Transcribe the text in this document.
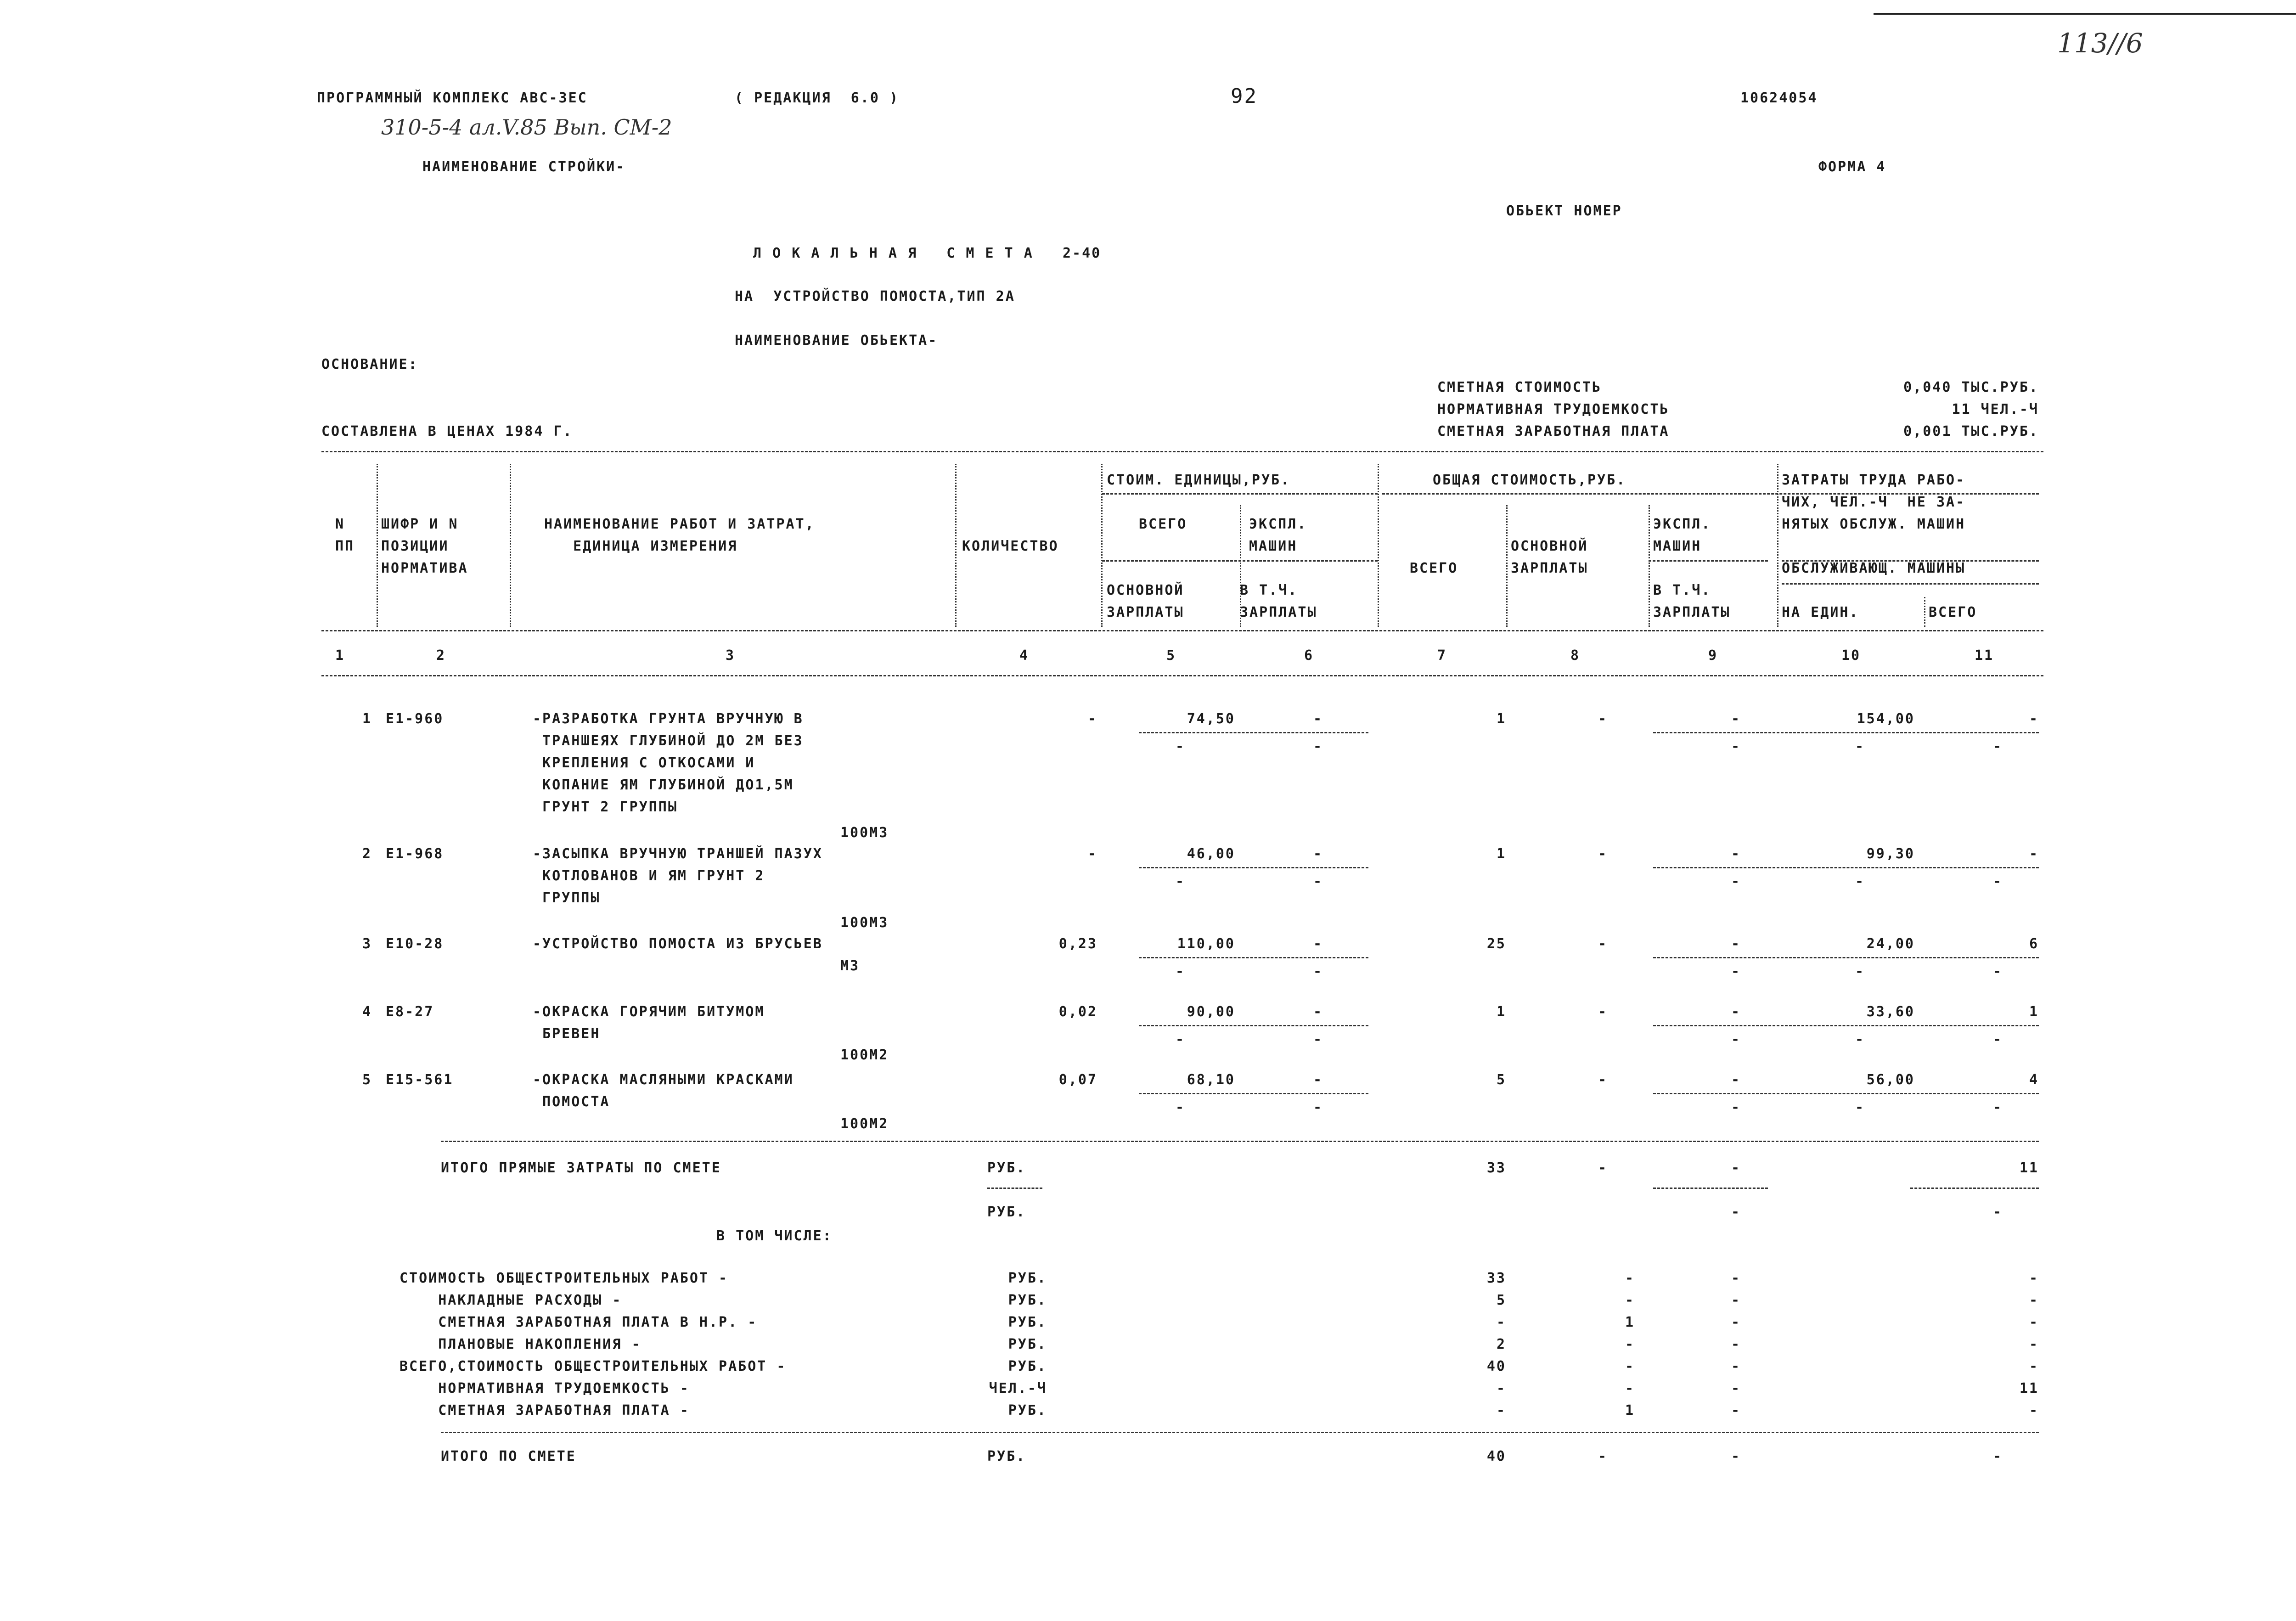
113//6
ПРОГРАММНЫЙ КОМПЛЕКС АВС-3ЕС	( РЕДАКЦИЯ  6.0 )	92	10624054
310-5-4 ал.V.85 Вып. СМ-2
НАИМЕНОВАНИЕ СТРОЙКИ-	ФОРМА 4
ОБЬЕКТ НОМЕР
Л О К А Л Ь Н А Я   С М Е Т А   2-40
НА  УСТРОЙСТВО ПОМОСТА,ТИП 2А
НАИМЕНОВАНИЕ ОБЬЕКТА-
ОСНОВАНИЕ:
СМЕТНАЯ СТОИМОСТЬ	0,040 ТЫС.РУБ.
НОРМАТИВНАЯ ТРУДОЕМКОСТЬ	11 ЧЕЛ.-Ч
СОСТАВЛЕНА В ЦЕНАХ 1984 Г.	СМЕТНАЯ ЗАРАБОТНАЯ ПЛАТА	0,001 ТЫС.РУБ.
N
ПП
ШИФР И N
ПОЗИЦИИ
НОРМАТИВА
НАИМЕНОВАНИЕ РАБОТ И ЗАТРАТ,
ЕДИНИЦА ИЗМЕРЕНИЯ	КОЛИЧЕСТВО
СТОИМ. ЕДИНИЦЫ,РУБ.
ВСЕГО	ЭКСПЛ.
МАШИН
ОСНОВНОЙ
ЗАРПЛАТЫ
В Т.Ч.
ЗАРПЛАТЫ
ОБЩАЯ СТОИМОСТЬ,РУБ.
ВСЕГО
ОСНОВНОЙ
ЗАРПЛАТЫ
ЭКСПЛ.
МАШИН
В Т.Ч.
ЗАРПЛАТЫ
ЗАТРАТЫ ТРУДА РАБО-
ЧИХ, ЧЕЛ.-Ч  НЕ ЗА-
НЯТЫХ ОБСЛУЖ. МАШИН
ОБСЛУЖИВАЮЩ. МАШИНЫ
НА ЕДИН.	ВСЕГО
1	2	3	4	5	6	7	8	9	10	11
1 Е1-960	-РАЗРАБОТКА ГРУНТА ВРУЧНУЮ В
ТРАНШЕЯХ ГЛУБИНОЙ ДО 2М БЕЗ
КРЕПЛЕНИЯ С ОТКОСАМИ И
КОПАНИЕ ЯМ ГЛУБИНОЙ ДО1,5М
ГРУНТ 2 ГРУППЫ
100М3
-	74,50	-	1	-	-	154,00	-
-	-	-	-	-
2 Е1-968	-ЗАСЫПКА ВРУЧНУЮ ТРАНШЕЙ ПАЗУХ
КОТЛОВАНОВ И ЯМ ГРУНТ 2
ГРУППЫ
100М3
-	46,00	-	1	-	-	99,30	-
-	-	-	-	-
3 Е10-28	-УСТРОЙСТВО ПОМОСТА ИЗ БРУСЬЕВ
М3
0,23	110,00	-	25	-	-	24,00	6
-	-	-	-	-
4 Е8-27	-ОКРАСКА ГОРЯЧИМ БИТУМОМ
БРЕВЕН
100М2
0,02	90,00	-	1	-	-	33,60	1
-	-	-	-	-
5 Е15-561	-ОКРАСКА МАСЛЯНЫМИ КРАСКАМИ
ПОМОСТА
100М2
0,07	68,10	-	5	-	-	56,00	4
-	-	-	-	-
ИТОГО ПРЯМЫЕ ЗАТРАТЫ ПО СМЕТЕ	РУБ.	33	-	-	11
РУБ.	-	-
В ТОМ ЧИСЛЕ:
СТОИМОСТЬ ОБЩЕСТРОИТЕЛЬНЫХ РАБОТ -	РУБ.	33	-	-	-
НАКЛАДНЫЕ РАСХОДЫ -	РУБ.	5	-	-	-
СМЕТНАЯ ЗАРАБОТНАЯ ПЛАТА В Н.Р. -	РУБ.	-	1	-	-
ПЛАНОВЫЕ НАКОПЛЕНИЯ -	РУБ.	2	-	-	-
ВСЕГО,СТОИМОСТЬ ОБЩЕСТРОИТЕЛЬНЫХ РАБОТ -	РУБ.	40	-	-	-
НОРМАТИВНАЯ ТРУДОЕМКОСТЬ -	ЧЕЛ.-Ч	-	-	-	11
СМЕТНАЯ ЗАРАБОТНАЯ ПЛАТА -	РУБ.	-	1	-	-
ИТОГО ПО СМЕТЕ	РУБ.	40	-	-	-
